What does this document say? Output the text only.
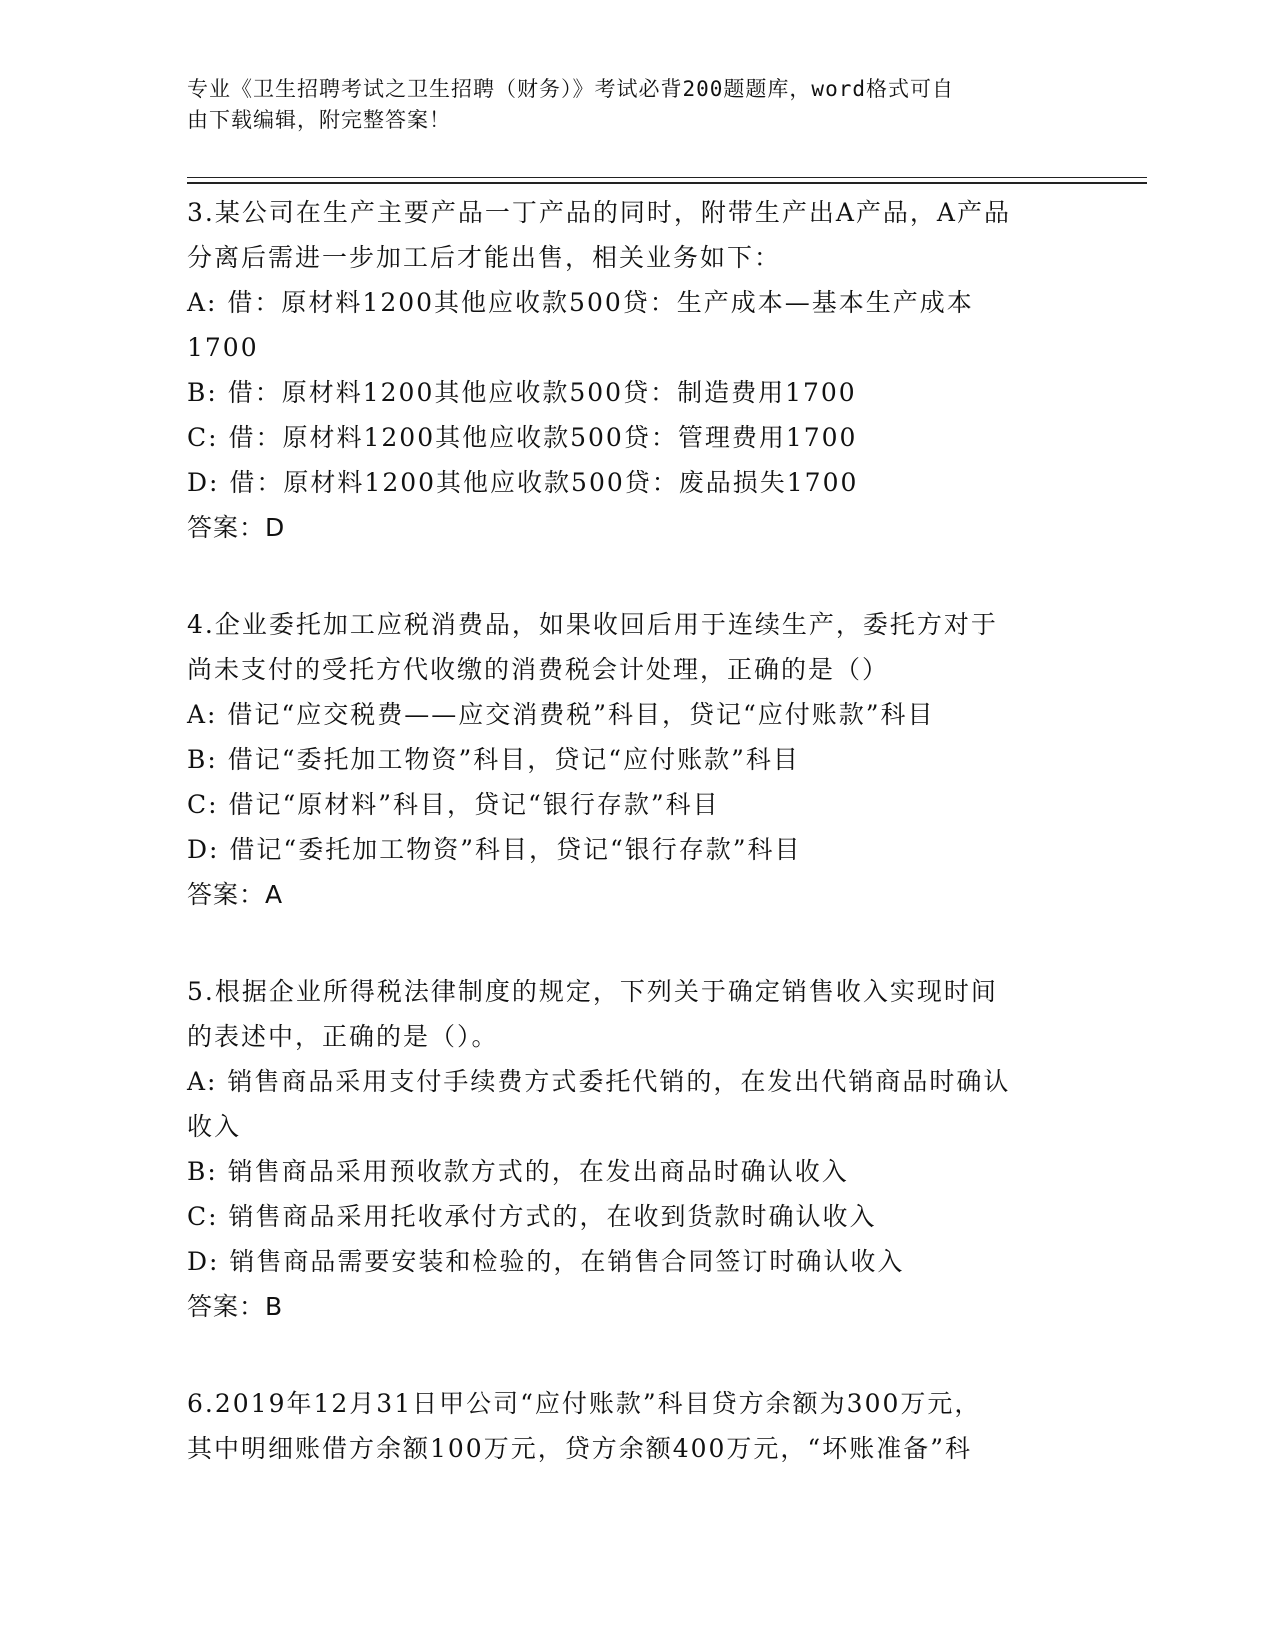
专业《卫生招聘考试之卫生招聘（财务）》考试必背200题题库，word格式可自
由下载编辑，附完整答案！
3.某公司在生产主要产品一丁产品的同时，附带生产出A产品，A产品
分离后需进一步加工后才能出售，相关业务如下：
A: 借：原材料1200其他应收款500贷：生产成本—基本生产成本
1700
B: 借：原材料1200其他应收款500贷：制造费用1700
C: 借：原材料1200其他应收款500贷：管理费用1700
D: 借：原材料1200其他应收款500贷：废品损失1700
答案：D
4.企业委托加工应税消费品，如果收回后用于连续生产，委托方对于
尚未支付的受托方代收缴的消费税会计处理，正确的是（）
A: 借记“应交税费——应交消费税”科目，贷记“应付账款”科目
B: 借记“委托加工物资”科目，贷记“应付账款”科目
C: 借记“原材料”科目，贷记“银行存款”科目
D: 借记“委托加工物资”科目，贷记“银行存款”科目
答案：A
5.根据企业所得税法律制度的规定，下列关于确定销售收入实现时间
的表述中，正确的是（）。
A: 销售商品采用支付手续费方式委托代销的，在发出代销商品时确认
收入
B: 销售商品采用预收款方式的，在发出商品时确认收入
C: 销售商品采用托收承付方式的，在收到货款时确认收入
D: 销售商品需要安装和检验的，在销售合同签订时确认收入
答案：B
6.2019年12月31日甲公司“应付账款”科目贷方余额为300万元，
其中明细账借方余额100万元，贷方余额400万元，“坏账准备”科
